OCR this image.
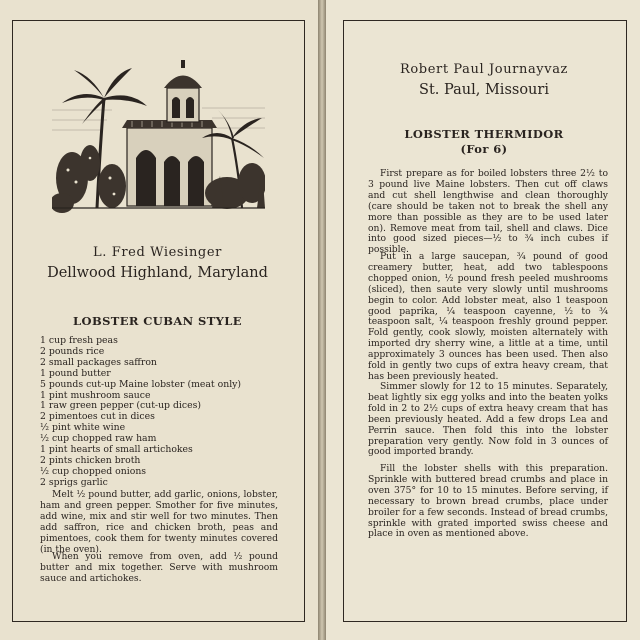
L. Fred Wiesinger
Dellwood Highland, Maryland
LOBSTER CUBAN STYLE
1 cup fresh peas
2 pounds rice
2 small packages saffron
1 pound butter
5 pounds cut-up Maine lobster (meat only)
1 pint mushroom sauce
1 raw green pepper (cut-up dices)
2 pimentoes cut in dices
½ pint white wine
½ cup chopped raw ham
1 pint hearts of small artichokes
2 pints chicken broth
½ cup chopped onions
2 sprigs garlic

Melt ½ pound butter, add garlic, onions, lobster, ham and green pepper. Smother for five minutes, add wine, mix and stir well for two minutes. Then add saffron, rice and chicken broth, peas and pimentoes, cook them for twenty minutes covered (in the oven).

When you remove from oven, add ½ pound butter and mix together. Serve with mushroom sauce and artichokes.

Robert Paul Journayvaz
St. Paul, Missouri
LOBSTER THERMIDOR
(For 6)

First prepare as for boiled lobsters three 2½ to 3 pound live Maine lobsters. Then cut off claws and cut shell lengthwise and clean thoroughly (care should be taken not to break the shell any more than possible as they are to be used later on). Remove meat from tail, shell and claws. Dice into good sized pieces—½ to ¾ inch cubes if possible.

Put in a large saucepan, ¾ pound of good creamery butter, heat, add two tablespoons chopped onion, ½ pound fresh peeled mushrooms (sliced), then saute very slowly until mushrooms begin to color. Add lobster meat, also 1 teaspoon good paprika, ¼ teaspoon cayenne, ½ to ¾ teaspoon salt, ¼ teaspoon freshly ground pepper. Fold gently, cook slowly, moisten alternately with imported dry sherry wine, a little at a time, until approximately 3 ounces has been used. Then also fold in gently two cups of extra heavy cream, that has been previously heated.

Simmer slowly for 12 to 15 minutes. Separately, beat lightly six egg yolks and into the beaten yolks fold in 2 to 2½ cups of extra heavy cream that has been previously heated. Add a few drops Lea and Perrin sauce. Then fold this into the lobster preparation very gently. Now fold in 3 ounces of good imported brandy.

Fill the lobster shells with this preparation. Sprinkle with buttered bread crumbs and place in oven 375° for 10 to 15 minutes. Before serving, if necessary to brown bread crumbs, place under broiler for a few seconds. Instead of bread crumbs, sprinkle with grated imported swiss cheese and place in oven as mentioned above.
